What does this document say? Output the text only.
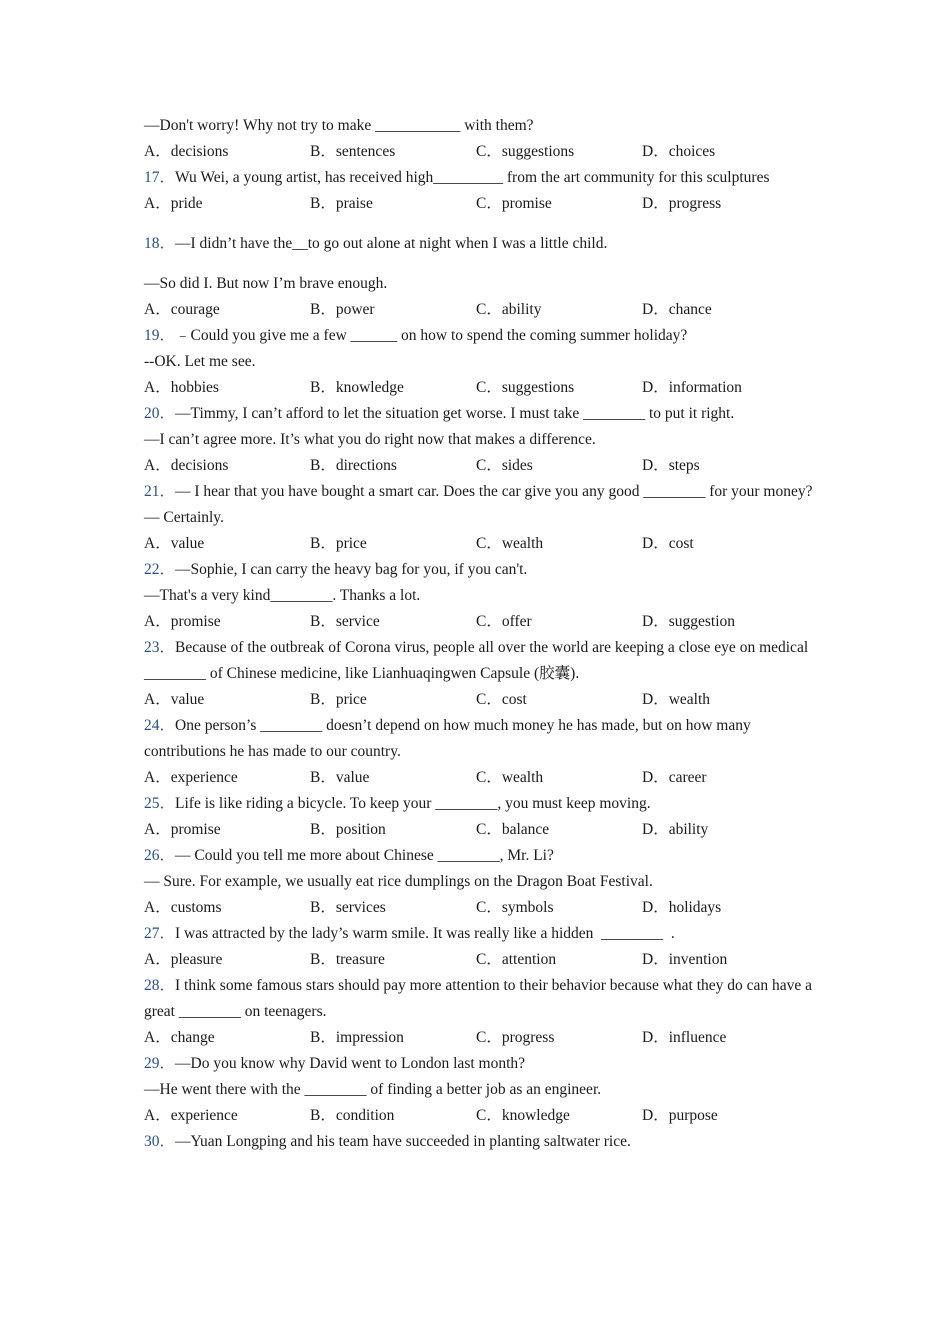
—Don't worry! Why not try to make ___________ with them?
A．decisions	B．sentences	C．suggestions	D．choices
17．Wu Wei, a young artist, has received high_________ from the art community for this sculptures
A．pride	B．praise	C．promise	D．progress
18．—I didn’t have the__to go out alone at night when I was a little child.
—So did I. But now I’m brave enough.
A．courage	B．power	C．ability	D．chance
19．﹣Could you give me a few ______ on how to spend the coming summer holiday?
--OK. Let me see.
A．hobbies	B．knowledge	C．suggestions	D．information
20．—Timmy, I can’t afford to let the situation get worse. I must take ________ to put it right.
—I can’t agree more. It’s what you do right now that makes a difference.
A．decisions	B．directions	C．sides	D．steps
21．— I hear that you have bought a smart car. Does the car give you any good ________ for your money?
— Certainly.
A．value	B．price	C．wealth	D．cost
22．—Sophie, I can carry the heavy bag for you, if you can't.
—That's a very kind________. Thanks a lot.
A．promise	B．service	C．offer	D．suggestion
23．Because of the outbreak of Corona virus, people all over the world are keeping a close eye on medical ________ of Chinese medicine, like Lianhuaqingwen Capsule (胶囊).
A．value	B．price	C．cost	D．wealth
24．One person’s ________ doesn’t depend on how much money he has made, but on how many contributions he has made to our country.
A．experience	B．value	C．wealth	D．career
25．Life is like riding a bicycle. To keep your ________, you must keep moving.
A．promise	B．position	C．balance	D．ability
26．— Could you tell me more about Chinese ________, Mr. Li?
— Sure. For example, we usually eat rice dumplings on the Dragon Boat Festival.
A．customs	B．services	C．symbols	D．holidays
27．I was attracted by the lady’s warm smile. It was really like a hidden  ________  .
A．pleasure	B．treasure	C．attention	D．invention
28．I think some famous stars should pay more attention to their behavior because what they do can have a great ________ on teenagers.
A．change	B．impression	C．progress	D．influence
29．—Do you know why David went to London last month?
—He went there with the ________ of finding a better job as an engineer.
A．experience	B．condition	C．knowledge	D．purpose
30．—Yuan Longping and his team have succeeded in planting saltwater rice.
